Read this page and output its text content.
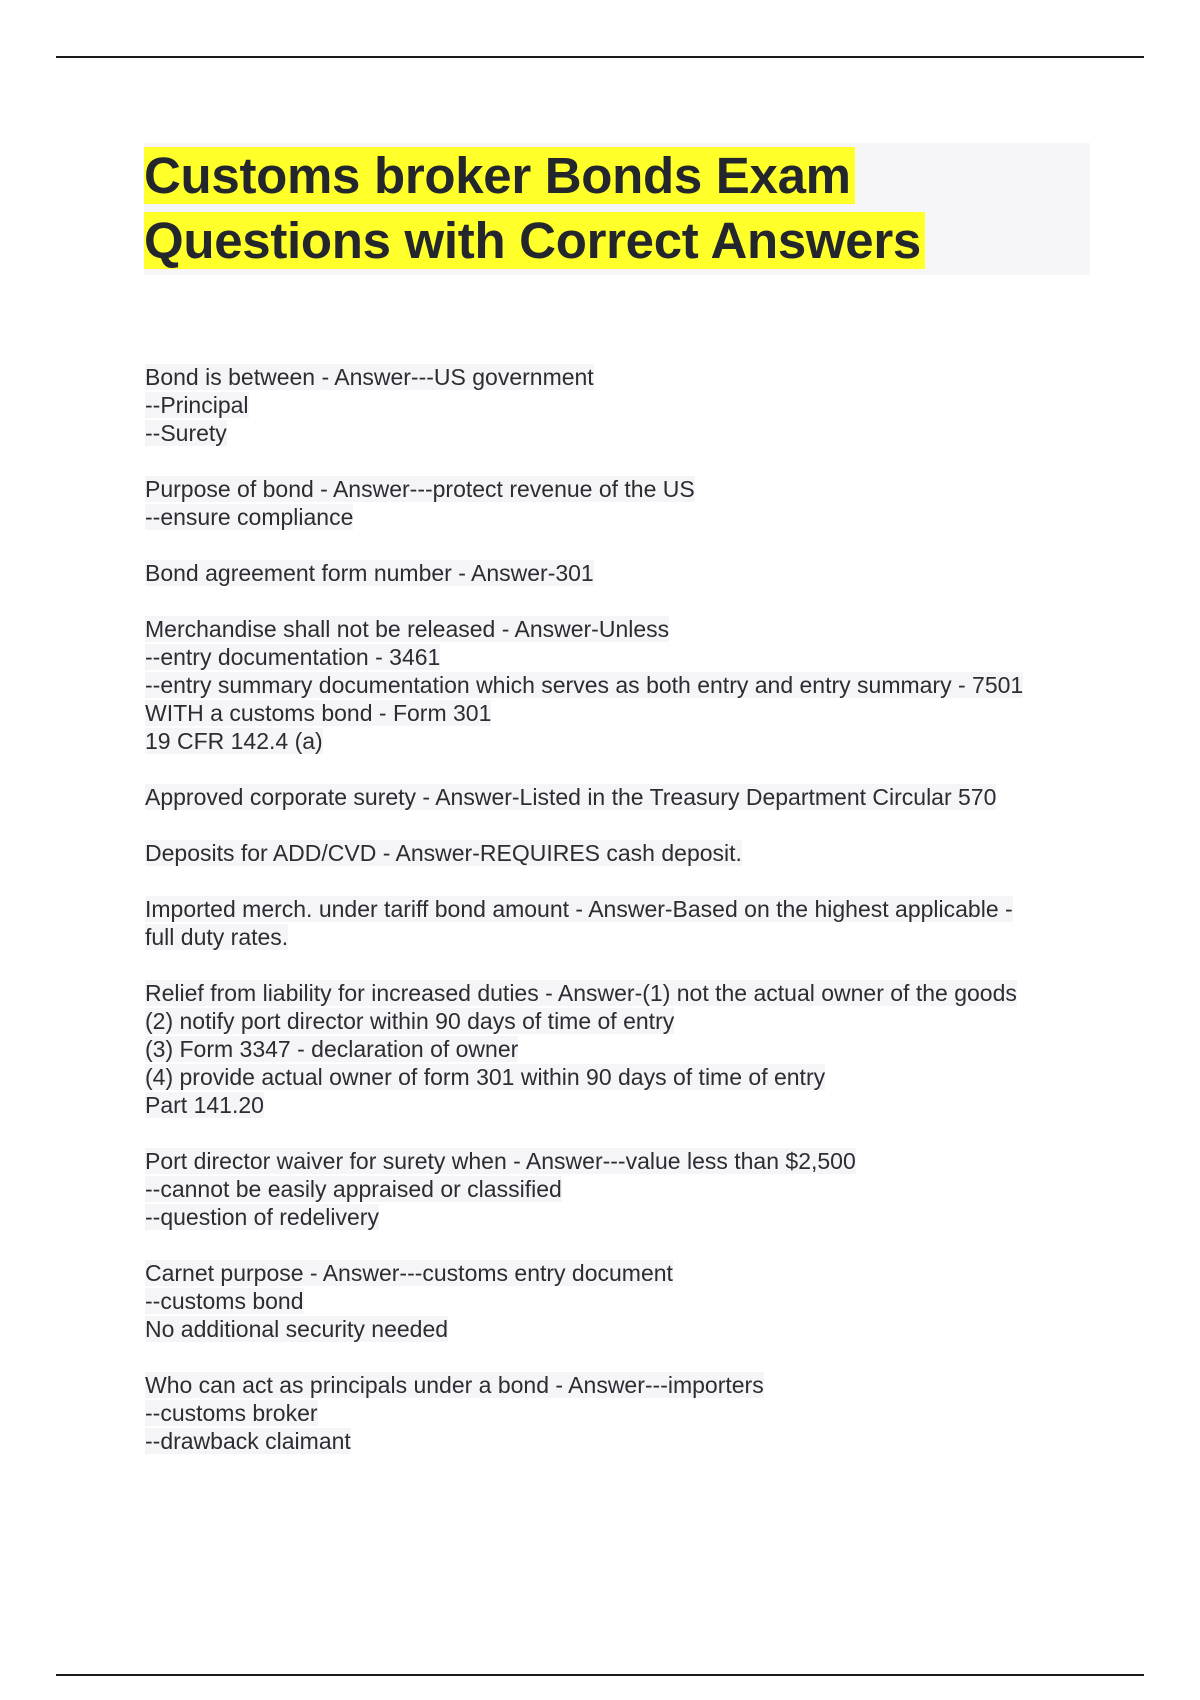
Customs broker Bonds Exam
Questions with Correct Answers
Bond is between - Answer---US government
--Principal
--Surety
Purpose of bond - Answer---protect revenue of the US
--ensure compliance
Bond agreement form number - Answer-301
Merchandise shall not be released - Answer-Unless
--entry documentation - 3461
--entry summary documentation which serves as both entry and entry summary - 7501
WITH a customs bond - Form 301
19 CFR 142.4 (a)
Approved corporate surety - Answer-Listed in the Treasury Department Circular 570
Deposits for ADD/CVD - Answer-REQUIRES cash deposit.
Imported merch. under tariff bond amount - Answer-Based on the highest applicable -
full duty rates.
Relief from liability for increased duties - Answer-(1) not the actual owner of the goods
(2) notify port director within 90 days of time of entry
(3) Form 3347 - declaration of owner
(4) provide actual owner of form 301 within 90 days of time of entry
Part 141.20
Port director waiver for surety when - Answer---value less than $2,500
--cannot be easily appraised or classified
--question of redelivery
Carnet purpose - Answer---customs entry document
--customs bond
No additional security needed
Who can act as principals under a bond - Answer---importers
--customs broker
--drawback claimant
